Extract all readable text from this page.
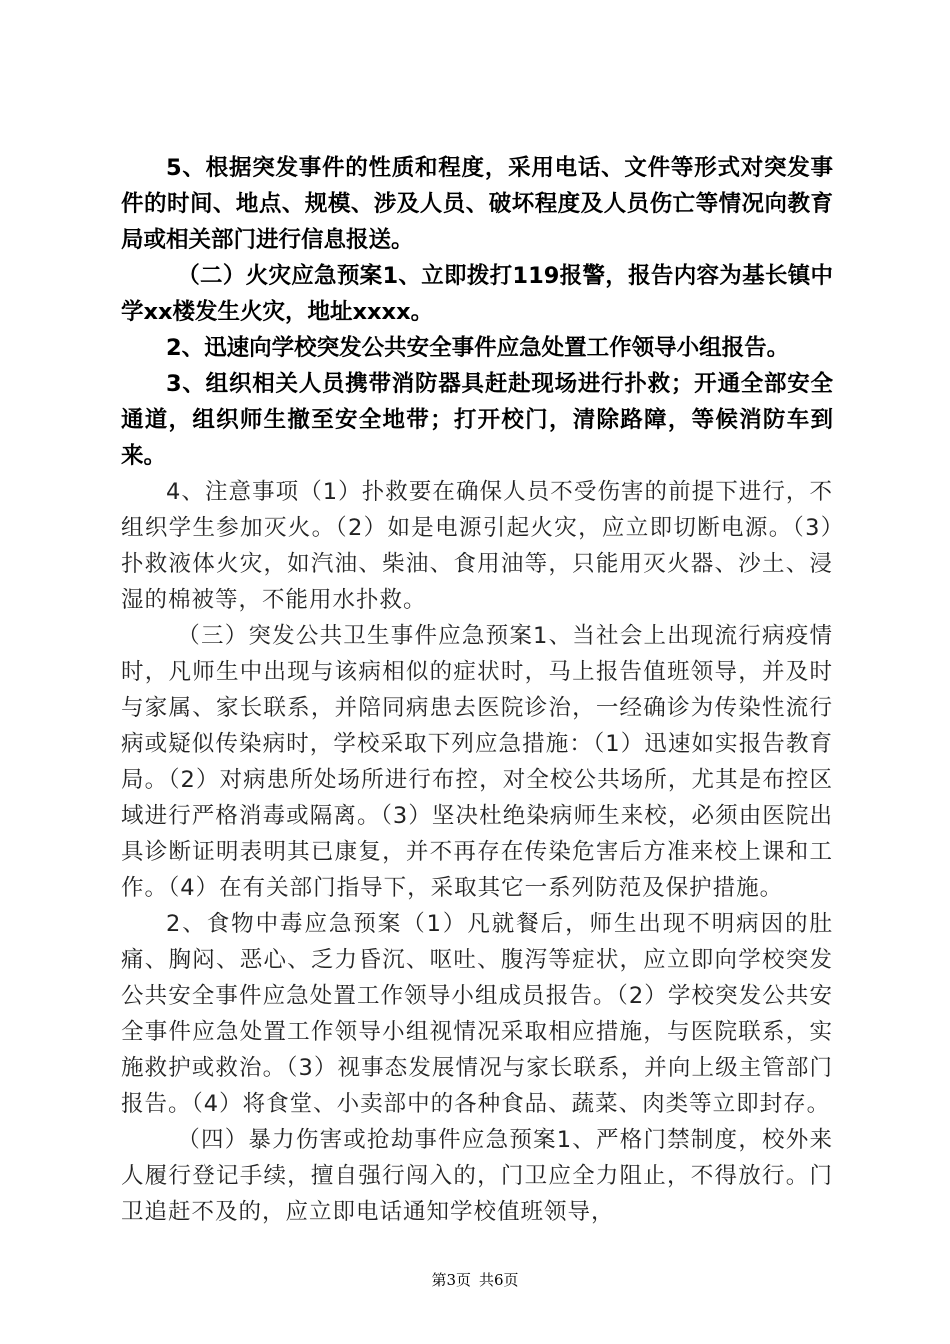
5、根据突发事件的性质和程度，采用电话、文件等形式对突发事件的时间、地点、规模、涉及人员、破坏程度及人员伤亡等情况向教育局或相关部门进行信息报送。

（二）火灾应急预案1、立即拨打119报警，报告内容为基长镇中学xx楼发生火灾，地址xxxx。

2、迅速向学校突发公共安全事件应急处置工作领导小组报告。

3、组织相关人员携带消防器具赶赴现场进行扑救；开通全部安全通道，组织师生撤至安全地带；打开校门，清除路障，等候消防车到来。

4、注意事项（1）扑救要在确保人员不受伤害的前提下进行，不组织学生参加灭火。（2）如是电源引起火灾，应立即切断电源。（3）扑救液体火灾，如汽油、柴油、食用油等，只能用灭火器、沙土、浸湿的棉被等，不能用水扑救。

（三）突发公共卫生事件应急预案1、当社会上出现流行病疫情时，凡师生中出现与该病相似的症状时，马上报告值班领导，并及时与家属、家长联系，并陪同病患去医院诊治，一经确诊为传染性流行病或疑似传染病时，学校采取下列应急措施：（1）迅速如实报告教育局。（2）对病患所处场所进行布控，对全校公共场所，尤其是布控区域进行严格消毒或隔离。（3）坚决杜绝染病师生来校，必须由医院出具诊断证明表明其已康复，并不再存在传染危害后方准来校上课和工作。（4）在有关部门指导下，采取其它一系列防范及保护措施。

2、食物中毒应急预案（1）凡就餐后，师生出现不明病因的肚痛、胸闷、恶心、乏力昏沉、呕吐、腹泻等症状，应立即向学校突发公共安全事件应急处置工作领导小组成员报告。（2）学校突发公共安全事件应急处置工作领导小组视情况采取相应措施，与医院联系，实施救护或救治。（3）视事态发展情况与家长联系，并向上级主管部门报告。（4）将食堂、小卖部中的各种食品、蔬菜、肉类等立即封存。

（四）暴力伤害或抢劫事件应急预案1、严格门禁制度，校外来人履行登记手续，擅自强行闯入的，门卫应全力阻止，不得放行。门卫追赶不及的，应立即电话通知学校值班领导，

第3页 共6页
